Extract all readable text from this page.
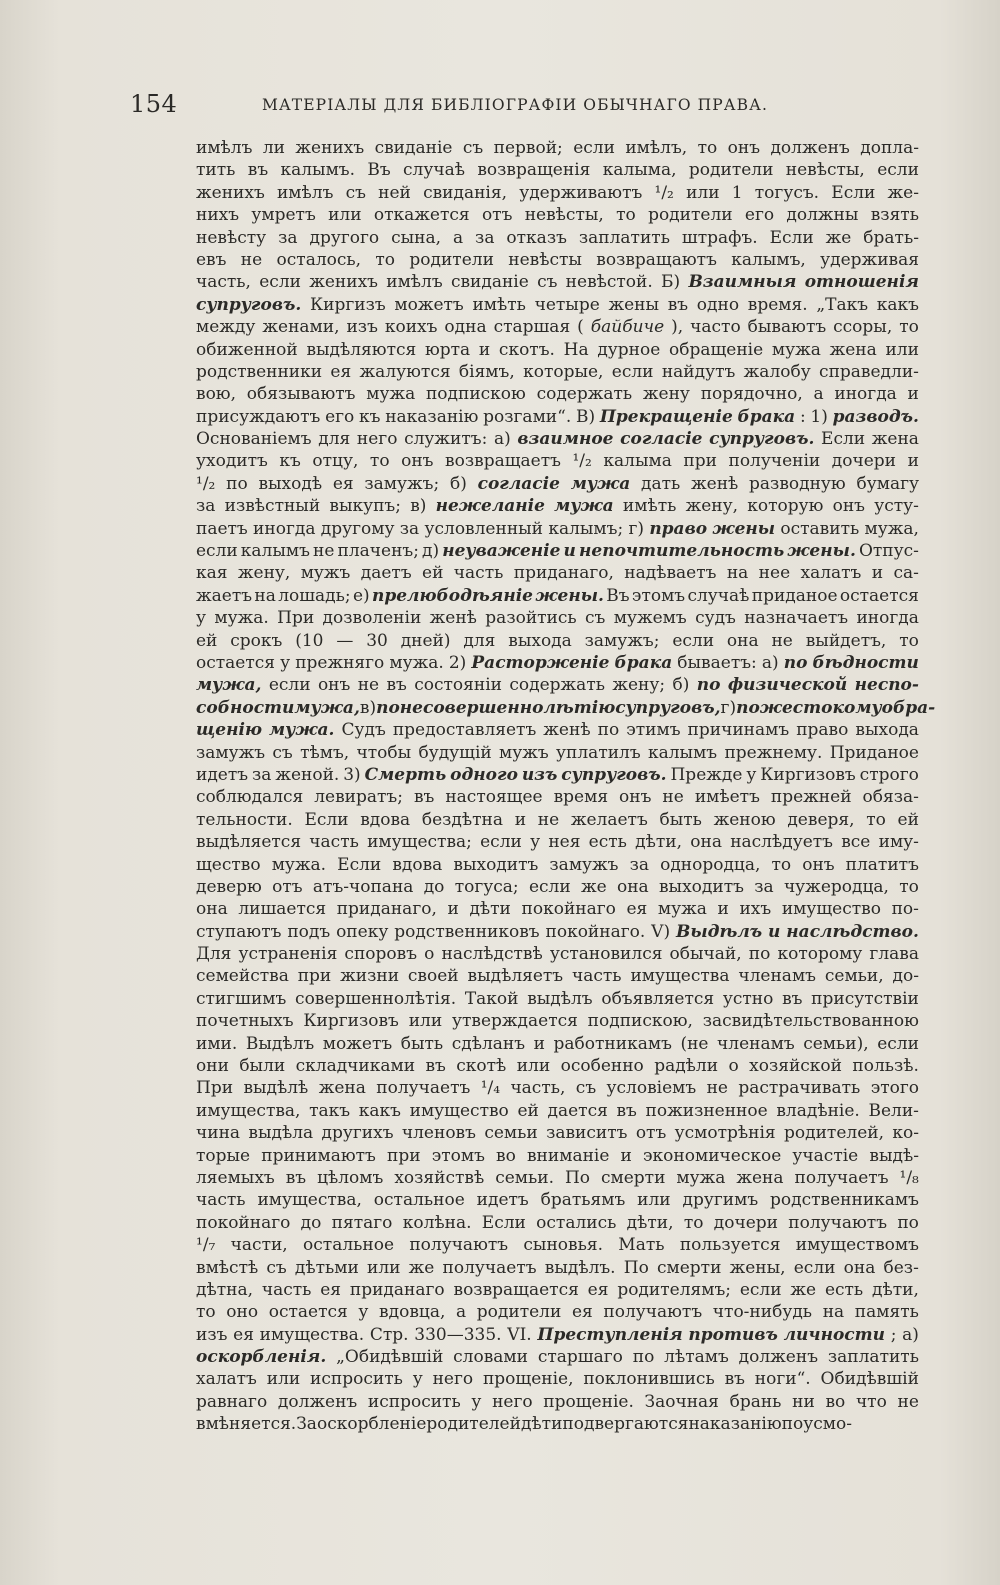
154	МАТЕРІАЛЫ ДЛЯ БИБЛІОГРАФІИ ОБЫЧНАГО ПРАВА.
имѣлъ ли женихъ свиданіе съ первой; если имѣлъ, то онъ долженъ допла-
тить въ калымъ. Въ случаѣ возвращенія калыма, родители невѣсты, если
женихъ имѣлъ съ ней свиданія, удерживаютъ ¹/₂ или 1 тогусъ. Если же-
нихъ умретъ или откажется отъ невѣсты, то родители его должны взять
невѣсту за другого сына, а за отказъ заплатить штрафъ. Если же брать-
евъ не осталось, то родители невѣсты возвращаютъ калымъ, удерживая
часть, если женихъ имѣлъ свиданіе съ невѣстой. Б) Взаимныя отношенія
супруговъ. Киргизъ можетъ имѣть четыре жены въ одно время. „Такъ какъ
между женами, изъ коихъ одна старшая ( байбиче ), часто бываютъ ссоры, то
обиженной выдѣляются юрта и скотъ. На дурное обращеніе мужа жена или
родственники ея жалуются біямъ, которые, если найдутъ жалобу справедли-
вою, обязываютъ мужа подпискою содержать жену порядочно, а иногда и
присуждаютъ его къ наказанію розгами“. В) Прекращеніе брака : 1) разводъ.
Основаніемъ для него служитъ: а) взаимное согласіе супруговъ. Если жена
уходитъ къ отцу, то онъ возвращаетъ ¹/₂ калыма при полученіи дочери и
¹/₂ по выходѣ ея замужъ; б) согласіе мужа дать женѣ разводную бумагу
за извѣстный выкупъ; в) нежеланіе мужа имѣть жену, которую онъ усту-
паетъ иногда другому за условленный калымъ; г) право жены оставить мужа,
если калымъ не плаченъ; д) неуваженіе и непочтительность жены. Отпус-
кая жену, мужъ даетъ ей часть приданаго, надѣваетъ на нее халатъ и са-
жаетъ на лошадь; е) прелюбодѣяніе жены. Въ этомъ случаѣ приданое остается
у мужа. При дозволеніи женѣ разойтись съ мужемъ судъ назначаетъ иногда
ей срокъ (10 — 30 дней) для выхода замужъ; если она не выйдетъ, то
остается у прежняго мужа. 2) Расторженіе брака бываетъ: а) по бѣдности
мужа, если онъ не въ состояніи содержать жену; б) по физической неспо-
собности мужа, в) по несовершеннолѣтію супруговъ, г) по жестокому обра-
щенію мужа. Судъ предоставляетъ женѣ по этимъ причинамъ право выхода
замужъ съ тѣмъ, чтобы будущій мужъ уплатилъ калымъ прежнему. Приданое
идетъ за женой. 3) Смерть одного изъ супруговъ. Прежде у Киргизовъ строго
соблюдался левиратъ; въ настоящее время онъ не имѣетъ прежней обяза-
тельности. Если вдова бездѣтна и не желаетъ быть женою деверя, то ей
выдѣляется часть имущества; если у нея есть дѣти, она наслѣдуетъ все иму-
щество мужа. Если вдова выходитъ замужъ за однородца, то онъ платитъ
деверю отъ атъ-чопана до тогуса; если же она выходитъ за чужеродца, то
она лишается приданаго, и дѣти покойнаго ея мужа и ихъ имущество по-
ступаютъ подъ опеку родственниковъ покойнаго. V) Выдѣлъ и наслѣдство.
Для устраненія споровъ о наслѣдствѣ установился обычай, по которому глава
семейства при жизни своей выдѣляетъ часть имущества членамъ семьи, до-
стигшимъ совершеннолѣтія. Такой выдѣлъ объявляется устно въ присутствіи
почетныхъ Киргизовъ или утверждается подпискою, засвидѣтельствованною
ими. Выдѣлъ можетъ быть сдѣланъ и работникамъ (не членамъ семьи), если
они были складчиками въ скотѣ или особенно радѣли о хозяйской пользѣ.
При выдѣлѣ жена получаетъ ¹/₄ часть, съ условіемъ не растрачивать этого
имущества, такъ какъ имущество ей дается въ пожизненное владѣніе. Вели-
чина выдѣла другихъ членовъ семьи зависитъ отъ усмотрѣнія родителей, ко-
торые принимаютъ при этомъ во вниманіе и экономическое участіе выдѣ-
ляемыхъ въ цѣломъ хозяйствѣ семьи. По смерти мужа жена получаетъ ¹/₈
часть имущества, остальное идетъ братьямъ или другимъ родственникамъ
покойнаго до пятаго колѣна. Если остались дѣти, то дочери получаютъ по
¹/₇ части, остальное получаютъ сыновья. Мать пользуется имуществомъ
вмѣстѣ съ дѣтьми или же получаетъ выдѣлъ. По смерти жены, если она без-
дѣтна, часть ея приданаго возвращается ея родителямъ; если же есть дѣти,
то оно остается у вдовца, а родители ея получаютъ что-нибудь на память
изъ ея имущества. Стр. 330—335. VI. Преступленія противъ личности ; а)
оскорбленія. „Обидѣвшій словами старшаго по лѣтамъ долженъ заплатить
халатъ или испросить у него прощеніе, поклонившись въ ноги“. Обидѣвшій
равнаго долженъ испросить у него прощеніе. Заочная брань ни во что не
вмѣняется. За оскорбленіе родителей дѣти подвергаются наказанію по усмо-
